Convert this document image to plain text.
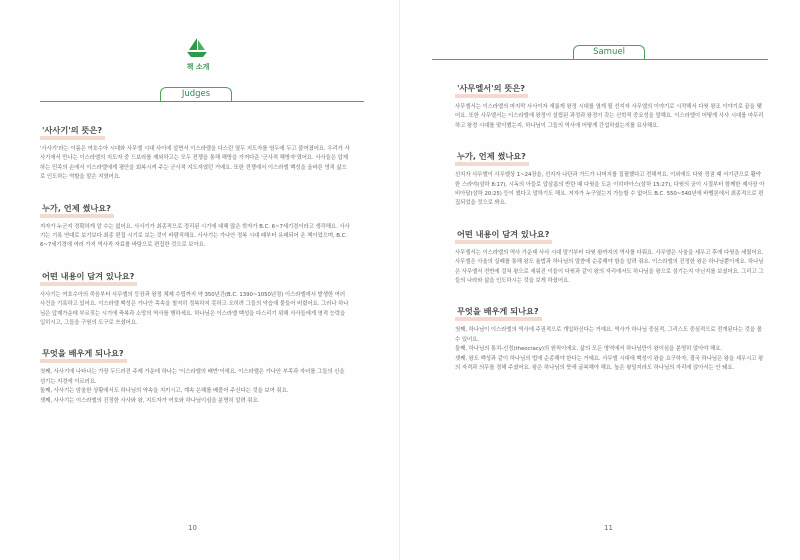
책 소개
Judges
'사사기'의 뜻은?

'사사기'라는 이름은 여호수아 시대와 사무엘 시대 사이에 살면서 이스라엘을 다스린 열두 지도자를 염두에 두고 붙여졌어요. 우리가 사사기에서 만나는 이스라엘의 지도자 중 드보라를 제외하고는 모두 전쟁을 통해 해방을 가져다준 '군사적 해방자'였어요. 사사들은 압제하는 민족의 손에서 이스라엘에게 평안을 회복시켜 주는 군사적 지도자였던 거예요. 또한 전쟁에서 이스라엘 백성을 올바른 영적 삶으로 인도하는 역할을 맡은 지였어요.

누가, 언제 썼나요?

저자가 누군지 정확하게 알 수는 없어요. 사사기가 최종적으로 정리된 시기에 대해 많은 학자가 B.C. 6~7세기경이라고 생각해요. 사사기는 기록 연대로 보기보다 최종 편집 시기로 보는 것이 바람직해요. 사사기는 가나안 정복 시대 때부터 유래되어 온 책이었으며, B.C. 6~7세기경에 여러 가지 역사적 자료를 바탕으로 편집한 것으로 보아요.

어떤 내용이 담겨 있나요?

사사기는 여호수아의 죽음부터 사무엘의 등장과 왕정 체제 수립까지 약 350년간(B.C. 1390~1050년경) 이스라엘에서 발생한 여러 사건을 기록하고 있어요. 이스라엘 백성은 가나안 족속을 철저히 정복하지 못하고 오히려 그들의 악습에 물들어 버렸어요. 그러나 하나님은 압제가운데 부르짖는 시기에 축복과 소망의 역사를 행하세요. 하나님은 이스라엘 백성을 다스리기 위해 사사들에게 영적 능력을 입히시고, 그들을 구원의 도구로 쓰셨어요.

무엇을 배우게 되나요?

첫째, 사사기에 나타나는 가장 두드러진 주제 가운데 하나는 '이스라엘의 배반'이에요. 이스라엘은 가나안 부족과 자녀를 그들의 신을 섬기는 지경에 이르러요.

둘째, 사사기는 암울한 상황에서도 하나님의 약속을 지키시고, 계속 은혜를 베풀어 주신다는 것을 보여 줘요.

셋째, 사사기는 이스라엘의 진정한 사사와 왕, 지도자가 여호와 하나님이심을 분명히 알려 줘요.

10
Samuel
'사무엘서'의 뜻은?

사무엘서는 이스라엘의 마지막 사사이자 새롭게 왕정 시대를 열게 될 선지자 사무엘의 이야기로 시작해서 다윗 왕조 이야기로 끝을 맺어요. 또한 사무엘서는 이스라엘에 왕정이 설립된 과정과 왕정이 갖는 신학적 중요성을 말해요. 이스라엘이 어떻게 사사 시대를 마무리하고 왕정 시대를 맞이했는지, 하나님이 그들의 역사에 어떻게 간섭하셨는지를 묘사해요.

누가, 언제 썼나요?

선지자 사무엘이 사무엘상 1~24장을, 선지자 나단과 가드가 나머지를 집필했다고 전해져요. 이외에도 다윗 정권 때 서기관으로 활약한 스라야(삼하 8:17), 시독의 아들로 압살롬의 반란 때 다윗을 도운 이히마아스(삼하 15:27), 다윗의 궁이 시절부터 함께한 제사장 아비아달(삼하 20:25) 등이 썼다고 말하기도 해요. 저자가 누구였는지 가늠할 수 없어도 B.C. 550~540년에 바벨론에서 최종적으로 편집되었을 것으로 봐요.

어떤 내용이 담겨 있나요?

사무엘서는 이스라엘의 역사 가운데 사사 시대 말기부터 다윗 왕까지의 역사를 다뤄요. 사무엘은 사울을 세우고 후에 다윗을 세웠어요. 사무엘은 사울의 실패를 통해 왕도 율법과 하나님의 말씀에 순종해야 함을 알려 줘요. 이스라엘의 진정한 왕은 하나님뿐이에요. 하나님은 사무엘서 전반에 걸쳐 왕으로 세워진 이들이 다윗과 같이 왕의 자리에서도 하나님을 왕으로 섬기는지 아닌지를 보셨어요. 그리고 그들의 나라와 삶을 인도하시는 것을 보게 하셨어요.

무엇을 배우게 되나요?

첫째, 하나님이 이스라엘의 역사에 주권적으로 개입하신다는 거예요. 역사가 하나님 중심적, 그리스도 중심적으로 전개된다는 것을 볼 수 있어요.

둘째, 하나님의 통치-신정(theocracy)의 원칙이에요. 삶의 모든 영역에서 하나님만이 왕이심을 분명히 알아야 해요.

셋째, 왕도 백성과 같이 하나님의 법에 순종해야 한다는 거예요. 사무엘 시대에 백성이 왕을 요구하자, 결국 하나님은 왕을 세우시고 왕의 자격과 의무를 정해 주셨어요. 왕은 하나님의 뜻에 굴복해야 해요. 높은 왕일지라도 하나님의 자리에 앉아서는 안 돼요.

11
